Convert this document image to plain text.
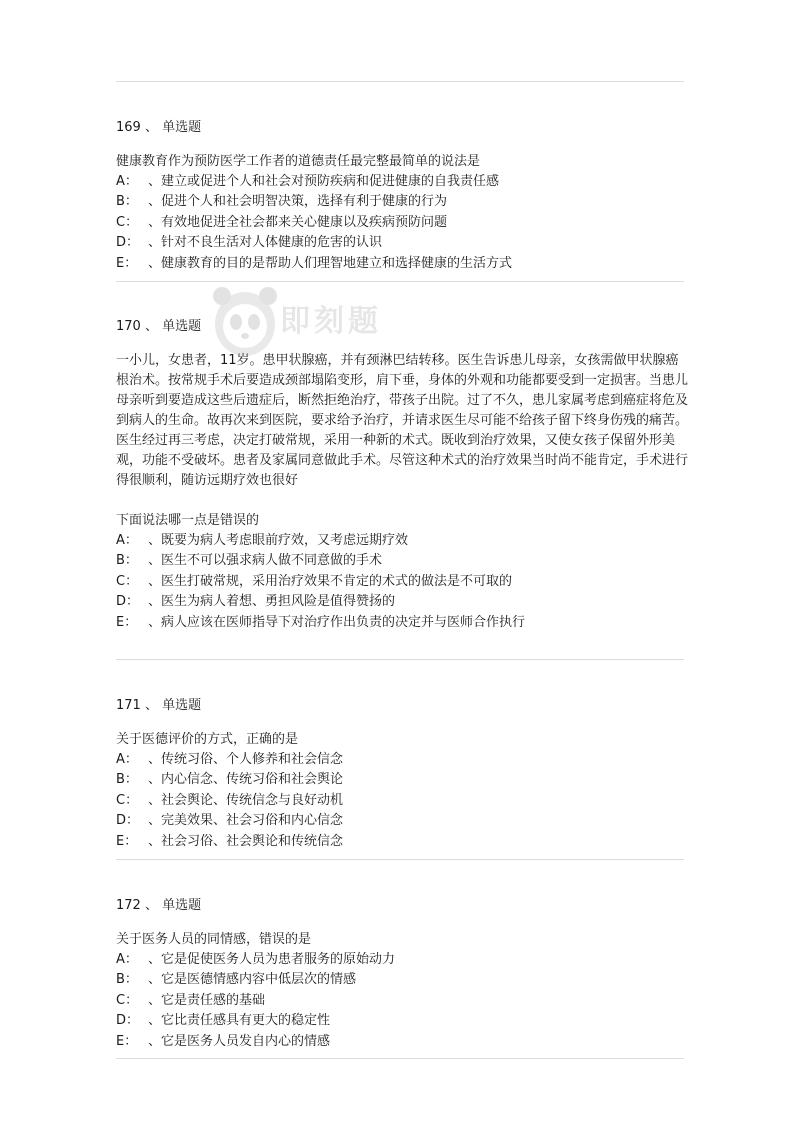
169 、 单选题

健康教育作为预防医学工作者的道德责任最完整最简单的说法是

A： 、建立或促进个人和社会对预防疾病和促进健康的自我责任感
B： 、促进个人和社会明智决策，选择有利于健康的行为
C： 、有效地促进全社会都来关心健康以及疾病预防问题
D： 、针对不良生活对人体健康的危害的认识
E： 、健康教育的目的是帮助人们理智地建立和选择健康的生活方式

170 、 单选题

一小儿，女患者，11岁。患甲状腺癌，并有颈淋巴结转移。医生告诉患儿母亲，女孩需做甲状腺癌根治术。按常规手术后要造成颈部塌陷变形，肩下垂，身体的外观和功能都要受到一定损害。当患儿母亲听到要造成这些后遗症后，断然拒绝治疗，带孩子出院。过了不久，患儿家属考虑到癌症将危及到病人的生命。故再次来到医院，要求给予治疗，并请求医生尽可能不给孩子留下终身伤残的痛苦。医生经过再三考虑，决定打破常规，采用一种新的术式。既收到治疗效果，又使女孩子保留外形美观，功能不受破坏。患者及家属同意做此手术。尽管这种术式的治疗效果当时尚不能肯定，手术进行得很顺利，随访远期疗效也很好

下面说法哪一点是错误的

A： 、既要为病人考虑眼前疗效，又考虑远期疗效
B： 、医生不可以强求病人做不同意做的手术
C： 、医生打破常规，采用治疗效果不肯定的术式的做法是不可取的
D： 、医生为病人着想、勇担风险是值得赞扬的
E： 、病人应该在医师指导下对治疗作出负责的决定并与医师合作执行

171 、 单选题

关于医德评价的方式，正确的是

A： 、传统习俗、个人修养和社会信念
B： 、内心信念、传统习俗和社会舆论
C： 、社会舆论、传统信念与良好动机
D： 、完美效果、社会习俗和内心信念
E： 、社会习俗、社会舆论和传统信念

172 、 单选题

关于医务人员的同情感，错误的是

A： 、它是促使医务人员为患者服务的原始动力
B： 、它是医德情感内容中低层次的情感
C： 、它是责任感的基础
D： 、它比责任感具有更大的稳定性
E： 、它是医务人员发自内心的情感
即刻题
